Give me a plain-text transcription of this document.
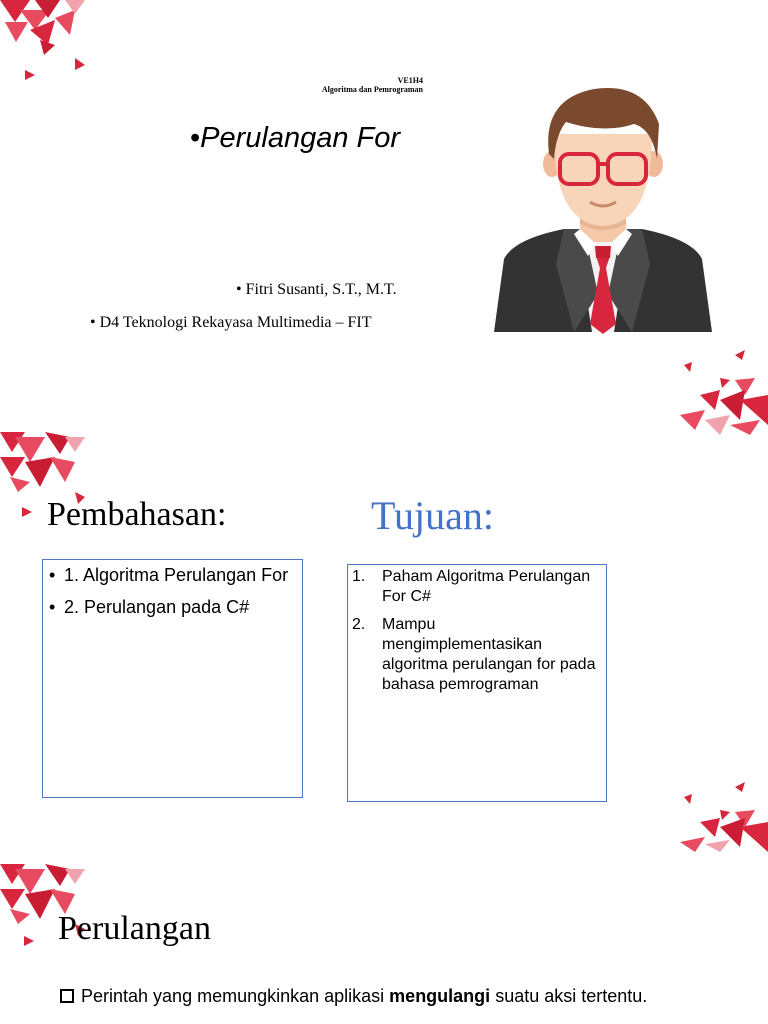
VE1H4
Algoritma dan Pemrograman
•Perulangan For
• Fitri Susanti, S.T., M.T.
• D4 Teknologi Rekayasa Multimedia – FIT
Pembahasan:	Tujuan:
• 1. Algoritma Perulangan For
• 2. Perulangan pada C#
1.	Paham Algoritma Perulangan For C#
2.	Mampu mengimplementasikan algoritma perulangan for pada bahasa pemrograman
Perulangan
Perintah yang memungkinkan aplikasi mengulangi suatu aksi tertentu.
